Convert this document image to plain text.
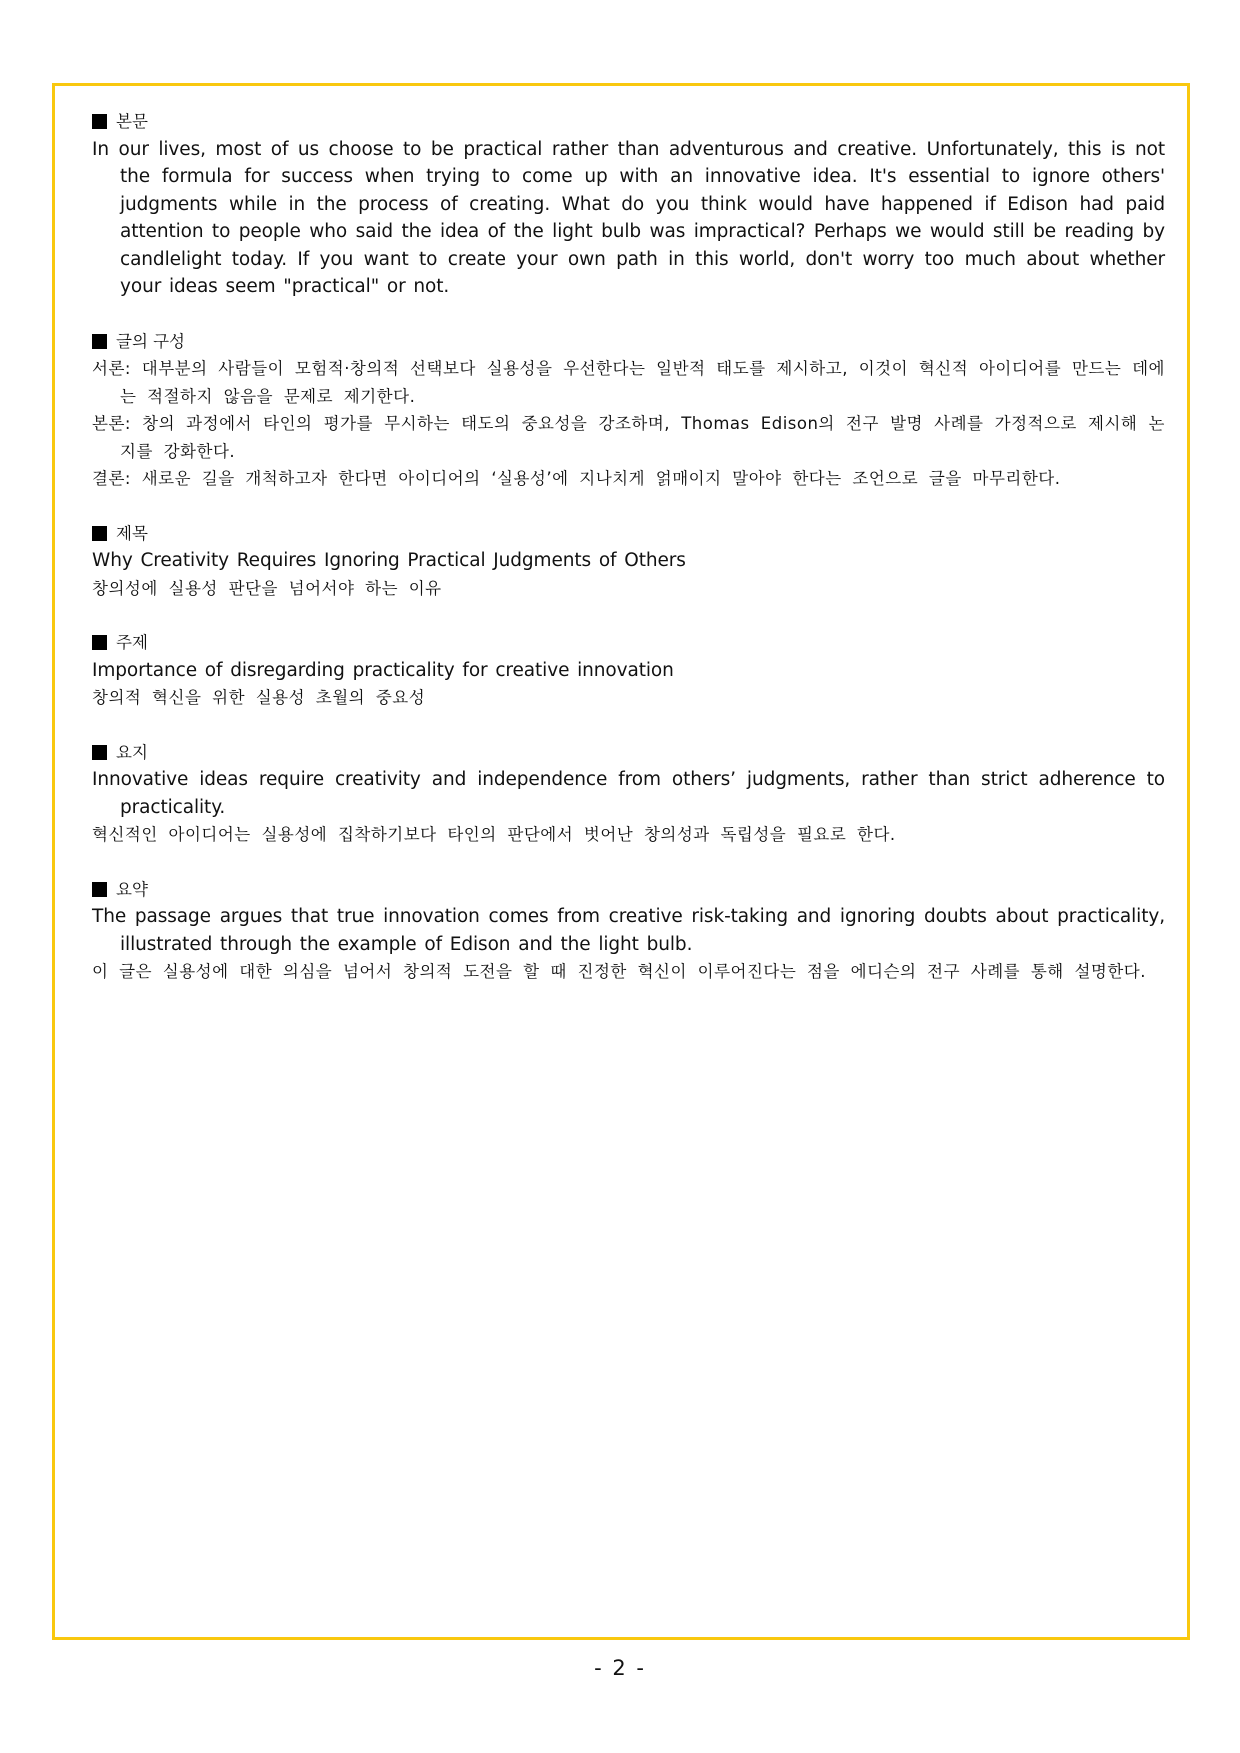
본문
In our lives, most of us choose to be practical rather than adventurous and creative. Unfortunately, this is not the formula for success when trying to come up with an innovative idea. It's essential to ignore others' judgments while in the process of creating. What do you think would have happened if Edison had paid attention to people who said the idea of the light bulb was impractical? Perhaps we would still be reading by candlelight today. If you want to create your own path in this world, don't worry too much about whether your ideas seem "practical" or not.
글의 구성
서론: 대부분의 사람들이 모험적·창의적 선택보다 실용성을 우선한다는 일반적 태도를 제시하고, 이것이 혁신적 아이디어를 만드는 데에는 적절하지 않음을 문제로 제기한다.
본론: 창의 과정에서 타인의 평가를 무시하는 태도의 중요성을 강조하며, Thomas Edison의 전구 발명 사례를 가정적으로 제시해 논지를 강화한다.
결론: 새로운 길을 개척하고자 한다면 아이디어의 ‘실용성’에 지나치게 얽매이지 말아야 한다는 조언으로 글을 마무리한다.
제목
Why Creativity Requires Ignoring Practical Judgments of Others
창의성에 실용성 판단을 넘어서야 하는 이유
주제
Importance of disregarding practicality for creative innovation
창의적 혁신을 위한 실용성 초월의 중요성
요지
Innovative ideas require creativity and independence from others’ judgments, rather than strict adherence to practicality.
혁신적인 아이디어는 실용성에 집착하기보다 타인의 판단에서 벗어난 창의성과 독립성을 필요로 한다.
요약
The passage argues that true innovation comes from creative risk-taking and ignoring doubts about practicality, illustrated through the example of Edison and the light bulb.
이 글은 실용성에 대한 의심을 넘어서 창의적 도전을 할 때 진정한 혁신이 이루어진다는 점을 에디슨의 전구 사례를 통해 설명한다.
- 2 -
